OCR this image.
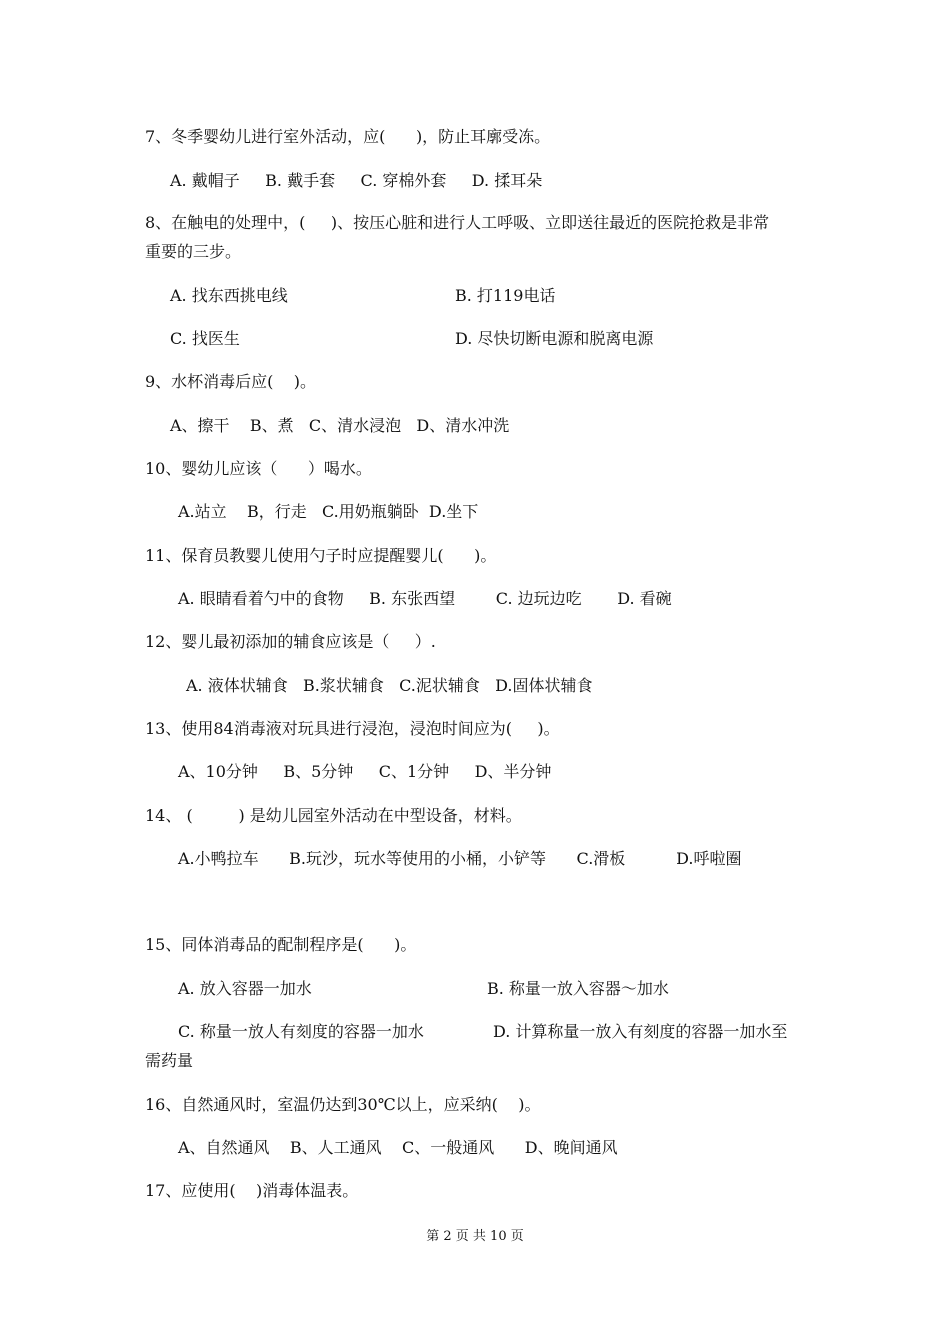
7、冬季婴幼儿进行室外活动，应(      )，防止耳廓受冻。
A. 戴帽子     B. 戴手套     C. 穿棉外套     D. 揉耳朵
8、在触电的处理中，(     )、按压心脏和进行人工呼吸、立即送往最近的医院抢救是非常
重要的三步。
A. 找东西挑电线	B. 打119电话
C. 找医生	D. 尽快切断电源和脱离电源
9、水杯消毒后应(    )。
A、擦干    B、煮   C、清水浸泡   D、清水冲洗
10、婴幼儿应该（      ）喝水。
A.站立    B，行走   C.用奶瓶躺卧  D.坐下
11、保育员教婴儿使用勺子时应提醒婴儿(      )。
A. 眼睛看着勺中的食物     B. 东张西望        C. 边玩边吃       D. 看碗
12、婴儿最初添加的辅食应该是（     ）.
A. 液体状辅食   B.浆状辅食   C.泥状辅食   D.固体状辅食
13、使用84消毒液对玩具进行浸泡，浸泡时间应为(     )。
A、10分钟     B、5分钟     C、1分钟     D、半分钟
14、 (         ) 是幼儿园室外活动在中型设备，材料。
A.小鸭拉车      B.玩沙，玩水等使用的小桶，小铲等      C.滑板          D.呼啦圈
15、同体消毒品的配制程序是(      )。
A. 放入容器一加水	B. 称量一放入容器～加水
C. 称量一放人有刻度的容器一加水	D. 计算称量一放入有刻度的容器一加水至
需药量
16、自然通风时，室温仍达到30℃以上，应采纳(    )。
A、自然通风    B、人工通风    C、一般通风      D、晚间通风
17、应使用(    )消毒体温表。
第 2 页 共 10 页
